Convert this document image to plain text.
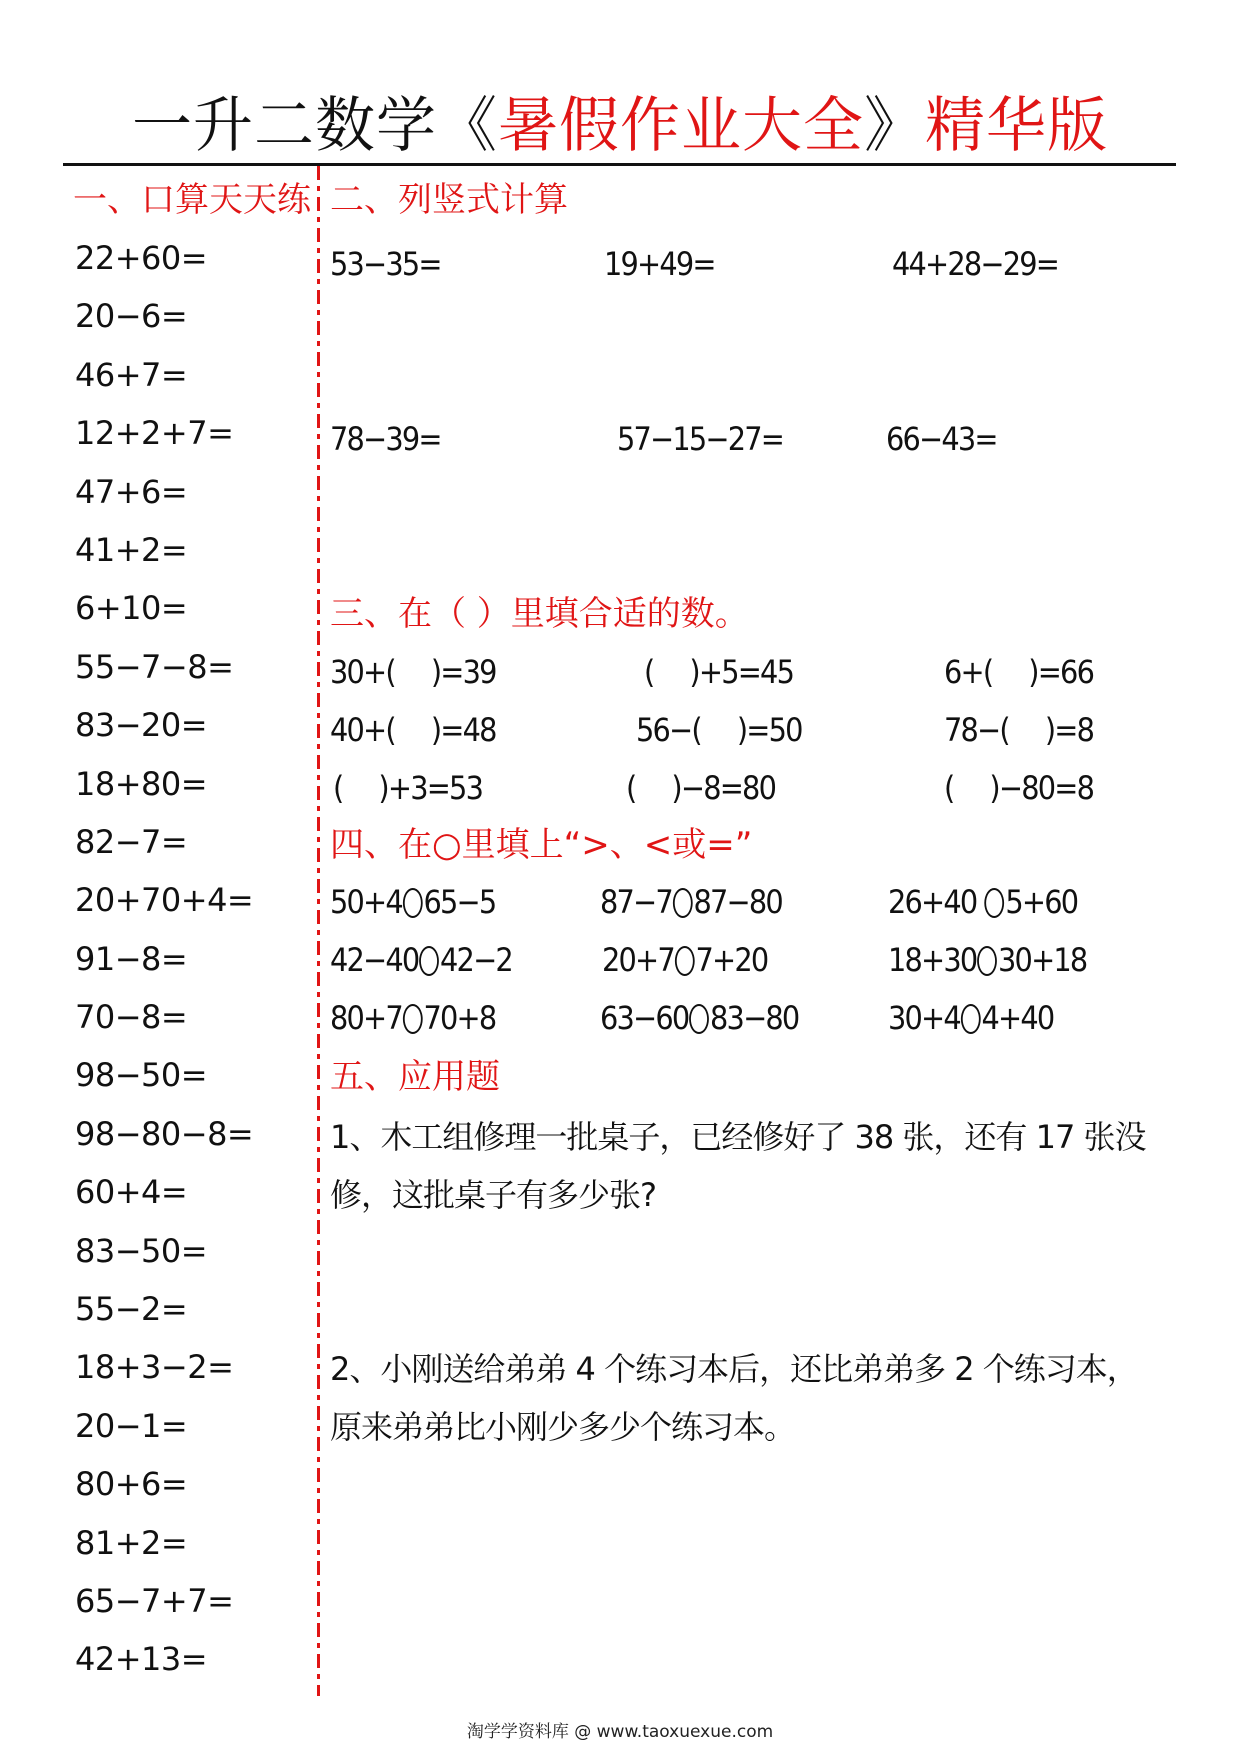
一升二数学《暑假作业大全》精华版
一、口算天天练
22+60=
20−6=
46+7=
12+2+7=
47+6=
41+2=
6+10=
55−7−8=
83−20=
18+80=
82−7=
20+70+4=
91−8=
70−8=
98−50=
98−80−8=
60+4=
83−50=
55−2=
18+3−2=
20−1=
80+6=
81+2=
65−7+7=
42+13=
二、列竖式计算
53−35=	19+49=	44+28−29=
78−39=	57−15−27=	66−43=
三、在（ ）里填合适的数。
30+( )=39	( )+5=45	6+( )=66
40+( )=48	56−( )=50	78−( )=8
( )+3=53	( )−8=80	( )−80=8
四、在○里填上“>、<或=”
50+4 65−5	87−7 87−80	26+40 5+60
42−40 42−2	20+7 7+20	18+30 30+18
80+7 70+8	63−60 83−80	30+4 4+40
五、应用题
1、木工组修理一批桌子，已经修好了 38 张，还有 17 张没
修，这批桌子有多少张?
2、小刚送给弟弟 4 个练习本后，还比弟弟多 2 个练习本，
原来弟弟比小刚少多少个练习本。
淘学学资料库 @ www.taoxuexue.com
